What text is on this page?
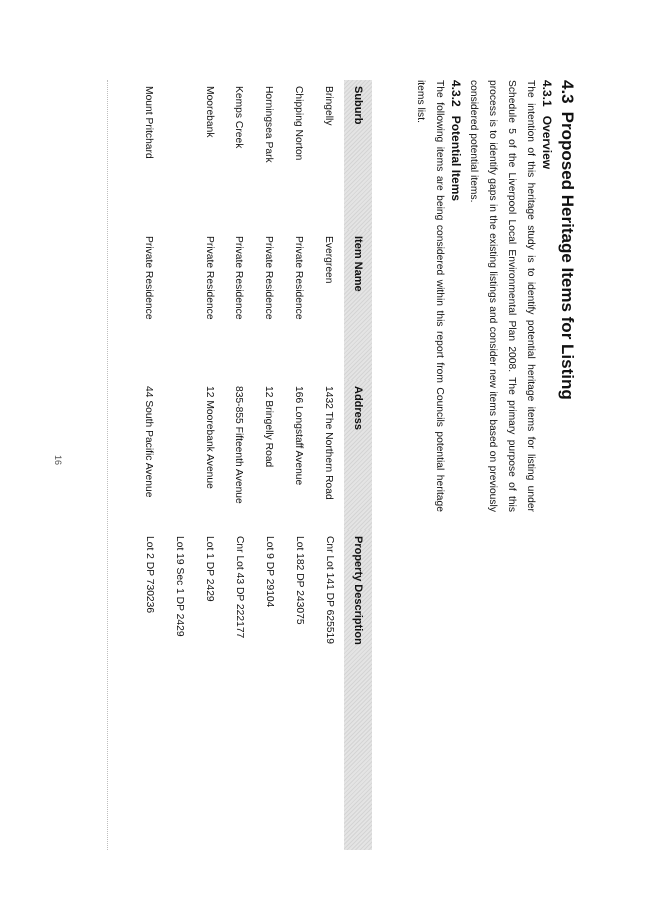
4.3Proposed Heritage Items for Listing
4.3.1Overview

The intention of this heritage study is to identify potential heritage items for listing under Schedule 5 of the Liverpool Local Environmental Plan 2008. The primary purpose of this process is to identify gaps in the existing listings and consider new items based on previously considered potential items.

4.3.2Potential Items

The following items are being considered within this report from Councils potential heritage items list.

Suburb	Item Name	Address	Property Description
Bringelly	Evergreen	1432 The Northern Road	Cnr Lot 141 DP 625519

Chipping Norton	Private Residence	166 Longstaff Avenue	Lot 182 DP 243075

Horningsea Park	Private Residence	12 Bringelly Road	Lot 9 DP 29104

Kemps Creek	Private Residence	835-855 Fifteenth Avenue	Cnr Lot 43 DP 222177

Moorebank	Private Residence	12 Moorebank Avenue	Lot 1 DP 2429
Lot 19 Sec 1 DP 2429

Mount Pritchard	Private Residence	44 South Pacific Avenue	Lot 2 DP 730236
16
